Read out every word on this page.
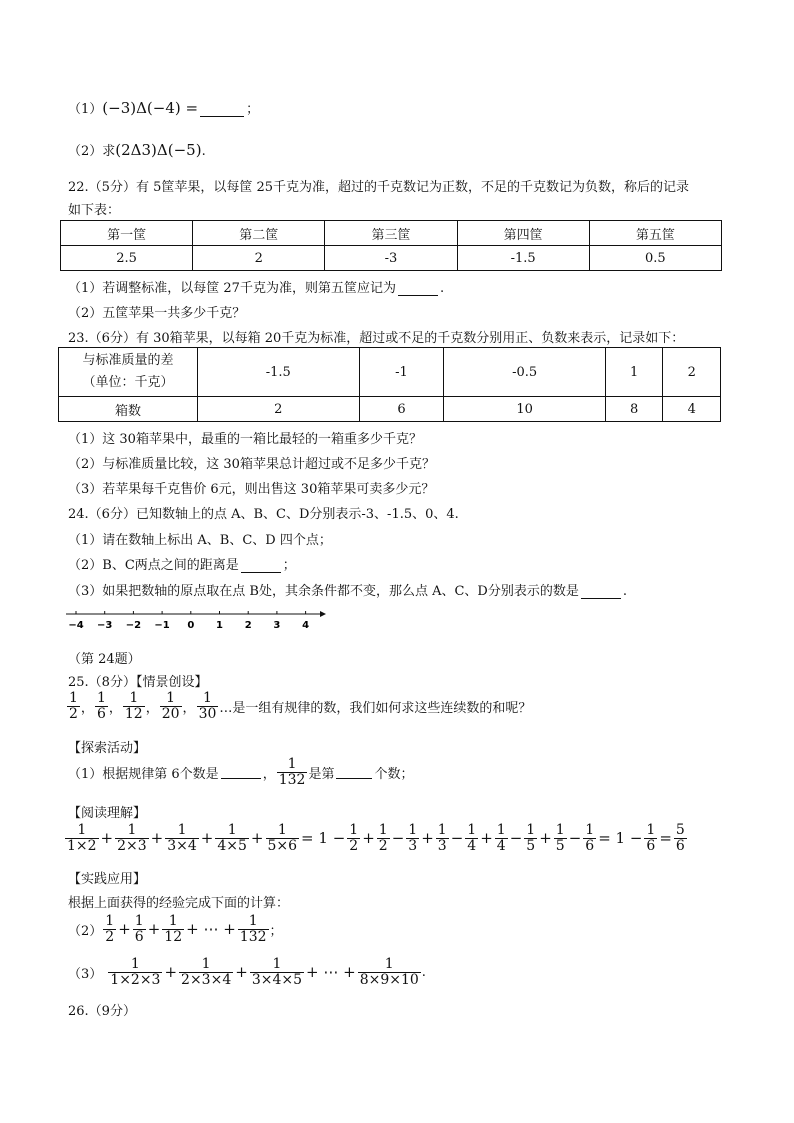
（1）(−3)Δ(−4) =	；
（2）求(2Δ3)Δ(−5).
22.（5分）有 5筐苹果，以每筐 25千克为准，超过的千克数记为正数，不足的千克数记为负数，称后的记录
如下表：
第一筐	第二筐	第三筐	第四筐	第五筐
2.5	2	-3	-1.5	0.5
（1）若调整标准，以每筐 27千克为准，则第五筐应记为	.
（2）五筐苹果一共多少千克？
23.（6分）有 30箱苹果，以每箱 20千克为标准，超过或不足的千克数分别用正、负数来表示，记录如下：
与标准质量的差
（单位：千克）	-1.5	-1	-0.5	1	2
箱数	2	6	10	8	4
（1）这 30箱苹果中，最重的一箱比最轻的一箱重多少千克？
（2）与标准质量比较，这 30箱苹果总计超过或不足多少千克？
（3）若苹果每千克售价 6元，则出售这 30箱苹果可卖多少元？
24.（6分）已知数轴上的点 A、B、C、D分别表示-3、-1.5、0、4.
（1）请在数轴上标出 A、B、C、D 四个点；
（2）B、C两点之间的距离是	；
（3）如果把数轴的原点取在点 B处，其余条件都不变，那么点 A、C、D分别表示的数是	.
−4 −3 −2 −1 0 1 2 3 4
（第 24题）
25.（8分）【情景创设】
$\frac{1}{2}$ ， $\frac{1}{6}$ ， $\frac{1}{12}$ ， $\frac{1}{20}$ ， $\frac{1}{30}$ …是一组有规律的数，我们如何求这些连续数的和呢？
【探索活动】
（1）根据规律第 6个数是	， $\frac{1}{132}$ 是第	个数；
【阅读理解】
$\frac{1}{1\times 2} + \frac{1}{2\times 3} + \frac{1}{3\times 4} + \frac{1}{4\times 5} + \frac{1}{5\times 6} = 1 - \frac{1}{2} + \frac{1}{2} - \frac{1}{3} + \frac{1}{3} - \frac{1}{4} + \frac{1}{4} - \frac{1}{5} + \frac{1}{5} - \frac{1}{6} = 1 - \frac{1}{6} = \frac{5}{6}$
【实践应用】
根据上面获得的经验完成下面的计算：
$(2) \frac{1}{2} + \frac{1}{6} + \frac{1}{12}$ + ⋯ + $\frac{1}{132}$ ；
$(3) \frac{1}{1\times 2\times 3} + \frac{1}{2\times 3\times 4} + \frac{1}{3\times 4\times 5}$ + ⋯ + $\frac{1}{8\times 9\times 10}$ .
26.（9分）
